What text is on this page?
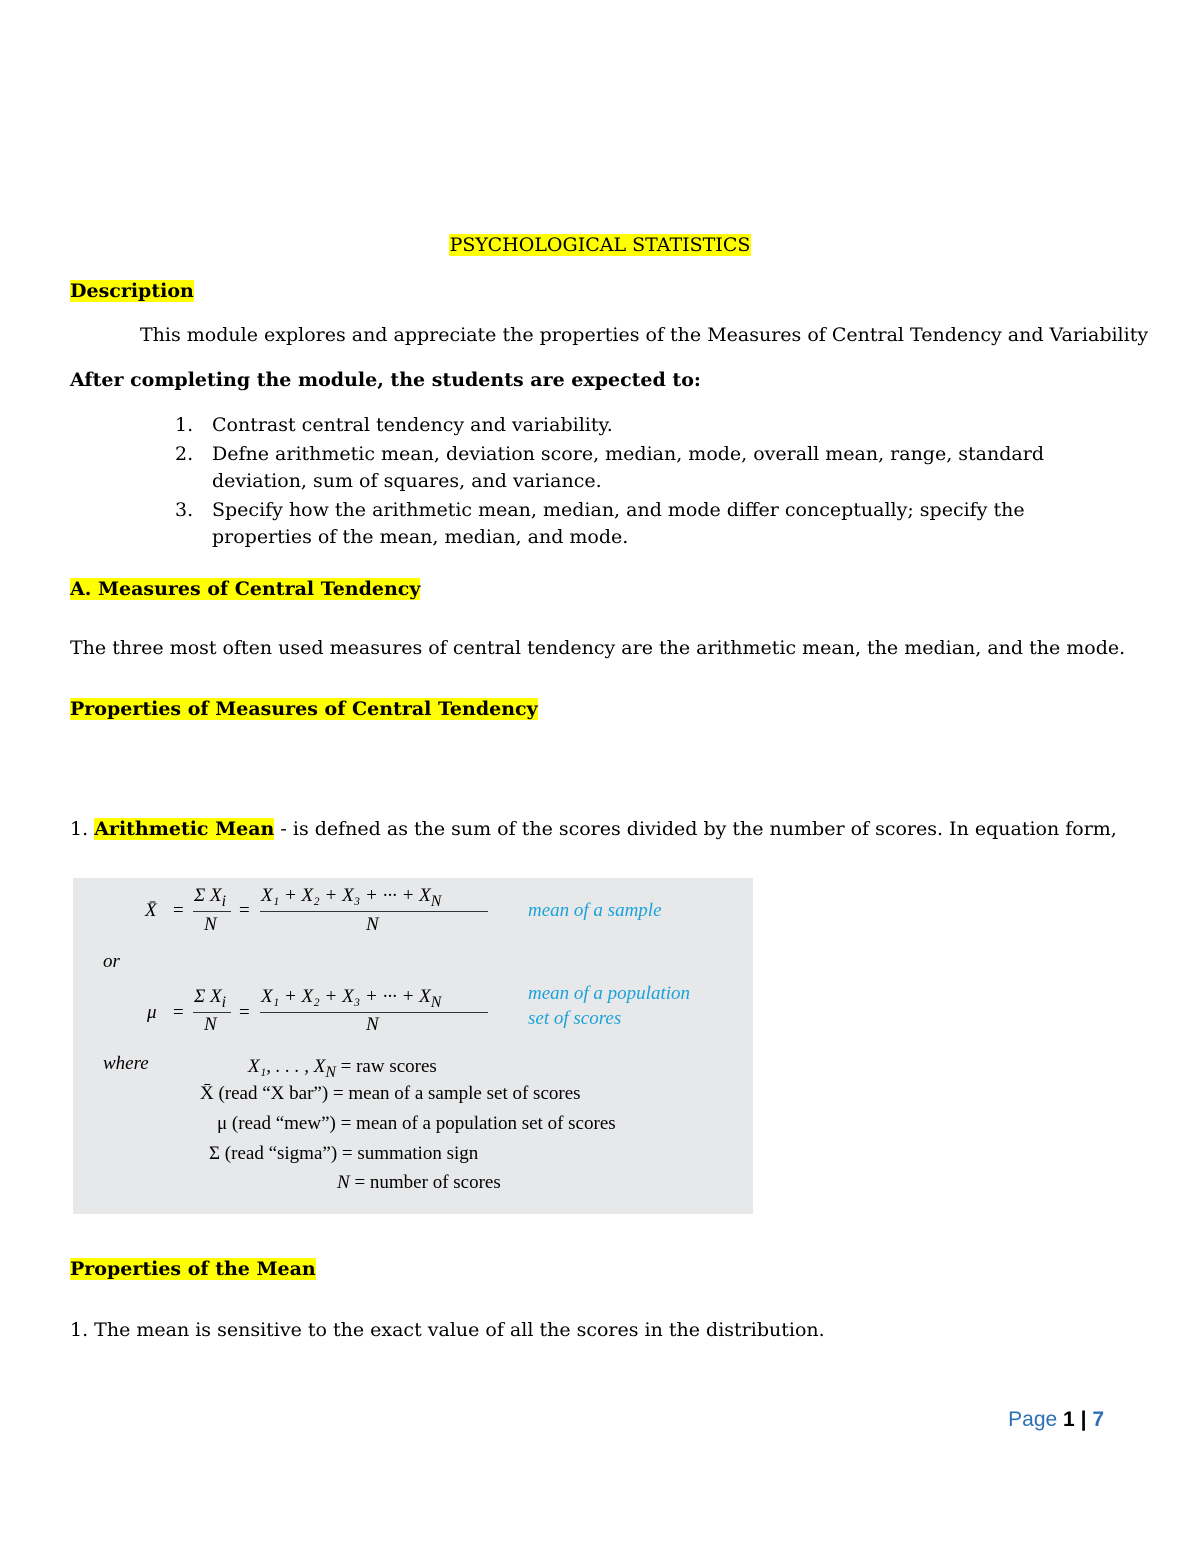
PSYCHOLOGICAL STATISTICS
Description
This module explores and appreciate the properties of the Measures of Central Tendency and Variability
After completing the module, the students are expected to:

1. Contrast central tendency and variability.

2. Defne arithmetic mean, deviation score, median, mode, overall mean, range, standard deviation, sum of squares, and variance.

3. Specify how the arithmetic mean, median, and mode differ conceptually; specify the properties of the mean, median, and mode.

A. Measures of Central Tendency
The three most often used measures of central tendency are the arithmetic mean, the median, and the mode.
Properties of Measures of Central Tendency
1. Arithmetic Mean - is defned as the sum of the scores divided by the number of scores. In equation form,
X̄ =
Σ $X_i$
N
=
X₁ + X₂ + X₃ + ··· + $X_N$
N
mean of a sample
or
μ =
Σ $X_i$
N
=
X₁ + X₂ + X₃ + ··· + $X_N$
N
mean of a population
set of scores
where	X₁, . . . , $X_N$ = raw scores
X̄ (read “X bar”) = mean of a sample set of scores
μ (read “mew”) = mean of a population set of scores
Σ (read “sigma”) = summation sign
N = number of scores
Properties of the Mean
1. The mean is sensitive to the exact value of all the scores in the distribution.
Page 1 | 7
